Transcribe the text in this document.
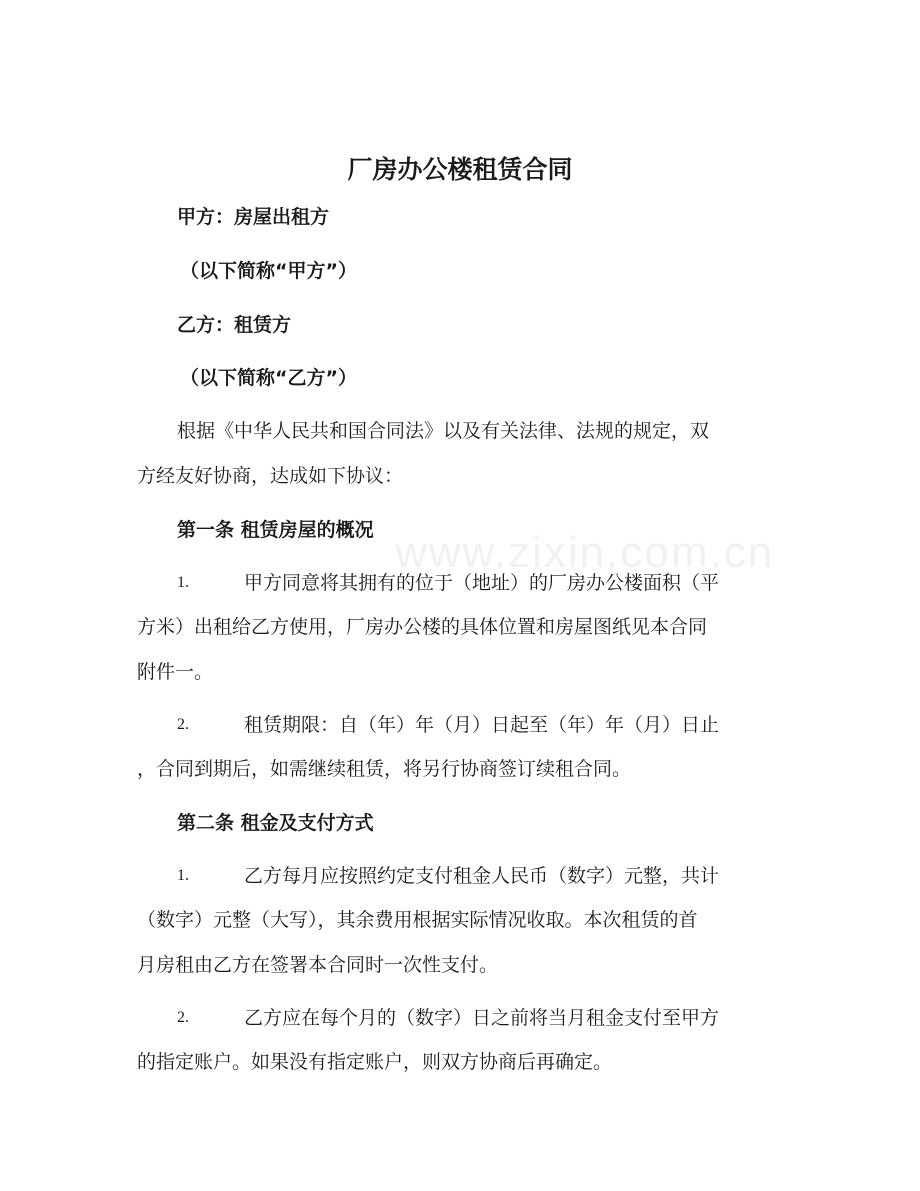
www.zixin.com.cn
厂房办公楼租赁合同

甲方：房屋出租方

（以下简称“甲方”）

乙方：租赁方

（以下简称“乙方”）

根据《中华人民共和国合同法》以及有关法律、法规的规定，双

方经友好协商，达成如下协议：

第一条 租赁房屋的概况

1.	甲方同意将其拥有的位于（地址）的厂房办公楼面积（平

方米）出租给乙方使用，厂房办公楼的具体位置和房屋图纸见本合同

附件一。

2.	租赁期限：自（年）年（月）日起至（年）年（月）日止

，合同到期后，如需继续租赁，将另行协商签订续租合同。

第二条 租金及支付方式

1.	乙方每月应按照约定支付租金人民币（数字）元整，共计

（数字）元整（大写），其余费用根据实际情况收取。本次租赁的首

月房租由乙方在签署本合同时一次性支付。

2.	乙方应在每个月的（数字）日之前将当月租金支付至甲方

的指定账户。如果没有指定账户，则双方协商后再确定。
